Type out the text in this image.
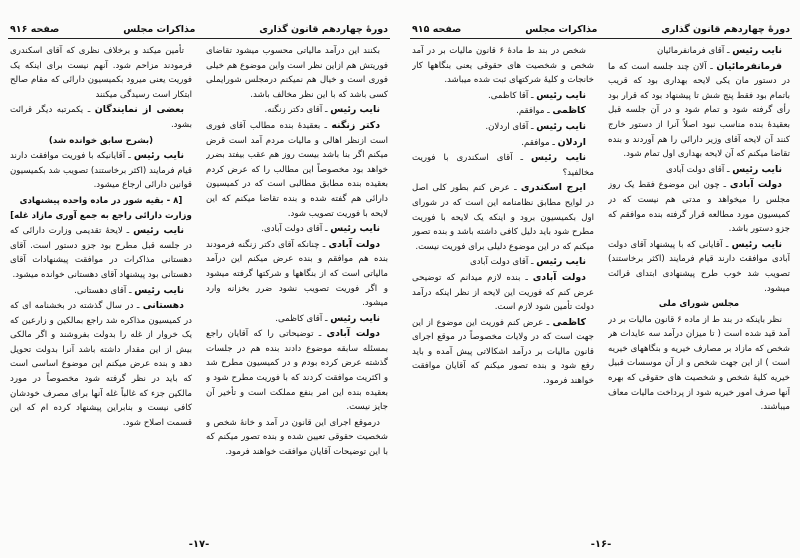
دورهٔ چهاردهم قانون گذاری
مذاکرات مجلس
صفحه ۹۱۶

بکنند این درآمد مالیاتی محسوب میشود تقاضای فوریتش هم ازاین نظر است واین موضوع هم خیلی فوری است و خیال هم نمیکنم درمجلس شورایملی کسی باشد که با این نظر مخالف باشد.

نایب رئیس ـ آقای دکتر زنگنه.

دکتر زنگنه ـ بعقیدهٔ بنده مطالب آقای فوری است ازنظر اهالی و مالیات مردم آمد است قرض میکنم اگر بنا باشد بیست روز هم عقب بیفتد بضرر خواهد بود مخصوصاً این مطالب را که عرض کردم بعقیده بنده مطابق مطالبی است که در کمیسیون دارائی هم گفته شده و بنده تقاضا میکنم که این لایحه با فوریت تصویب شود.

نایب رئیس ـ آقای دولت آبادی.

دولت آبادی ـ چنانکه آقای دکتر زنگنه فرمودند بنده هم موافقم و بنده عرض میکنم این درآمد مالیاتی است که از بنگاهها و شرکتها گرفته میشود و اگر فوریت تصویب نشود ضرر بخزانه وارد میشود.

نایب رئیس ـ آقای کاظمی.

دولت آبادی ـ توضیحاتی را که آقایان راجع بمسئله سابقه موضوع دادند بنده هم در جلسات گذشته عرض کرده بودم و در کمیسیون مطرح شد و اکثریت موافقت کردند که با فوریت مطرح شود و بعقیده بنده این امر بنفع مملکت است و تأخیر آن جایز نیست.

درموقع اجرای این قانون در آمد و خانهٔ شخص و شخصیت حقوقی تعیین شده و بنده تصور میکنم که با این توضیحات آقایان موافقت خواهند فرمود.

تأمین میکند و برخلاف نظری که آقای اسکندری فرمودند مزاحم شود. آنهم نیست برای اینکه یک فوریت یعنی میرود بکمیسیون دارائی که مقام صالح ابتکار است رسیدگی میکنند

بعضی از نمایندگان ـ یکمرتبه دیگر قرائت بشود.

(بشرح سابق خوانده شد)

نایب رئیس ـ آقایانیکه با فوریت موافقت دارند قیام فرمایند (اکثر برخاستند) تصویب شد بکمیسیون قوانین دارائی ارجاع میشود.

[۸ - بقیه شور در ماده واحده پیشنهادی وزارت دارائی راجع به جمع آوری مازاد غله]

نایب رئیس ـ لایحهٔ تقدیمی وزارت دارائی که در جلسه قبل مطرح بود جزو دستور است. آقای دهستانی مذاکرات در موافقت پیشنهادات آقای دهستانی بود پیشنهاد آقای دهستانی خوانده میشود.

نایب رئیس ـ آقای دهستانی.

دهستانی ـ در سال گذشته در بخشنامه ای که در کمیسیون مذاکره شد راجع بمالکین و زارعین که یک خروار از غله را بدولت بفروشند و اگر مالکی بیش از این مقدار داشته باشد آنرا بدولت تحویل دهد و بنده عرض میکنم این موضوع اساسی است که باید در نظر گرفته شود مخصوصاً در مورد مالکین جزء که غالباً غله آنها برای مصرف خودشان کافی نیست و بنابراین پیشنهاد کرده ام که این قسمت اصلاح شود.

-۱۷-
دورهٔ چهاردهم قانون گذاری
مذاکرات مجلس
صفحه ۹۱۵

نایب رئیس ـ آقای فرمانفرمائیان

فرمانفرمائیان ـ آلان چند جلسه است که ما در دستور مان یکی لایحه بهداری بود که قریب باتمام بود فقط پنج شش تا پیشنهاد بود که قرار بود رأی گرفته شود و تمام شود و در آن جلسه قبل بعقیدهٔ بنده مناسب نبود اصلاً آنرا از دستور خارج کنند آن لایحه آقای وزیر دارائی را هم آوردند و بنده تقاضا میکنم که آن لایحه بهداری اول تمام شود.

نایب رئیس ـ آقای دولت آبادی

دولت آبادی ـ چون این موضوع فقط یک روز مجلس را میخواهد و مدتی هم نیست که در کمیسیون مورد مطالعه قرار گرفته بنده موافقم که جزو دستور باشد.

نایب رئیس ـ آقایانی که با پیشنهاد آقای دولت آبادی موافقت دارند قیام فرمایند (اکثر برخاستند) تصویب شد خوب طرح پیشنهادی ابتدای قرائت میشود.

مجلس شورای ملی

نظر باینکه در بند ط از ماده ۶ قانون مالیات بر در آمد قید شده است ( تا میزان درآمد سه عایدات هر شخص که مازاد بر مصارف خیریه و بنگاههای خیریه است ) از این جهت شخص و از آن موسسات قبیل خیریه کلیهٔ شخص و شخصیت های حقوقی که بهره آنها صرف امور خیریه شود از پرداخت مالیات معاف میباشند.

شخص در بند ط مادهٔ ۶ قانون مالیات بر در آمد شخص و شخصیت های حقوقی یعنی بنگاهها کار خانجات و کلیهٔ شرکتهای ثبت شده میباشد.

نایب رئیس ـ آقا کاظمی.

کاظمی ـ موافقم.

نایب رئیس ـ آقای اردلان.

اردلان ـ موافقم.

نایب رئیس ـ آقای اسکندری با فوریت مخالفید؟

ایرج اسکندری ـ عرض کنم بطور کلی اصل در لوایح مطابق نظامنامه این است که در شورای اول بکمیسیون برود و اینکه یک لایحه با فوریت مطرح شود باید دلیل کافی داشته باشد و بنده تصور میکنم که در این موضوع دلیلی برای فوریت نیست.

نایب رئیس ـ آقای دولت آبادی

دولت آبادی ـ بنده لازم میدانم که توضیحی عرض کنم که فوریت این لایحه از نظر اینکه درآمد دولت تأمین شود لازم است.

کاظمی ـ عرض کنم فوریت این موضوع از این جهت است که در ولایات مخصوصاً در موقع اجرای قانون مالیات بر درآمد اشکالاتی پیش آمده و باید رفع شود و بنده تصور میکنم که آقایان موافقت خواهند فرمود.

-۱۶-
